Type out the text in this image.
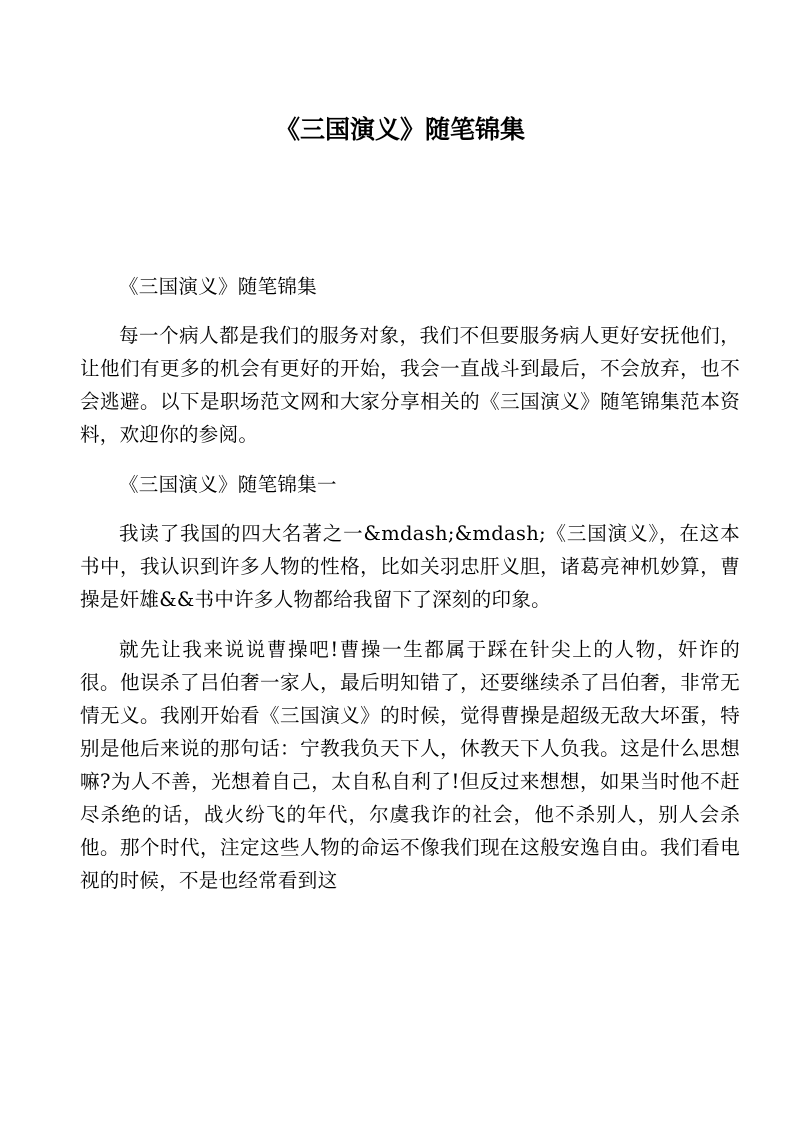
《三国演义》随笔锦集

《三国演义》随笔锦集

每一个病人都是我们的服务对象，我们不但要服务病人更好安抚他们，让他们有更多的机会有更好的开始，我会一直战斗到最后，不会放弃，也不会逃避。以下是职场范文网和大家分享相关的《三国演义》随笔锦集范本资料，欢迎你的参阅。

《三国演义》随笔锦集一

我读了我国的四大名著之一&mdash;&mdash;《三国演义》，在这本书中，我认识到许多人物的性格，比如关羽忠肝义胆，诸葛亮神机妙算，曹操是奸雄&&书中许多人物都给我留下了深刻的印象。

就先让我来说说曹操吧!曹操一生都属于踩在针尖上的人物，奸诈的很。他误杀了吕伯奢一家人，最后明知错了，还要继续杀了吕伯奢，非常无情无义。我刚开始看《三国演义》的时候，觉得曹操是超级无敌大坏蛋，特别是他后来说的那句话：宁教我负天下人，休教天下人负我。这是什么思想嘛?为人不善，光想着自己，太自私自利了!但反过来想想，如果当时他不赶尽杀绝的话，战火纷飞的年代，尔虞我诈的社会，他不杀别人，别人会杀他。那个时代，注定这些人物的命运不像我们现在这般安逸自由。我们看电视的时候，不是也经常看到这
